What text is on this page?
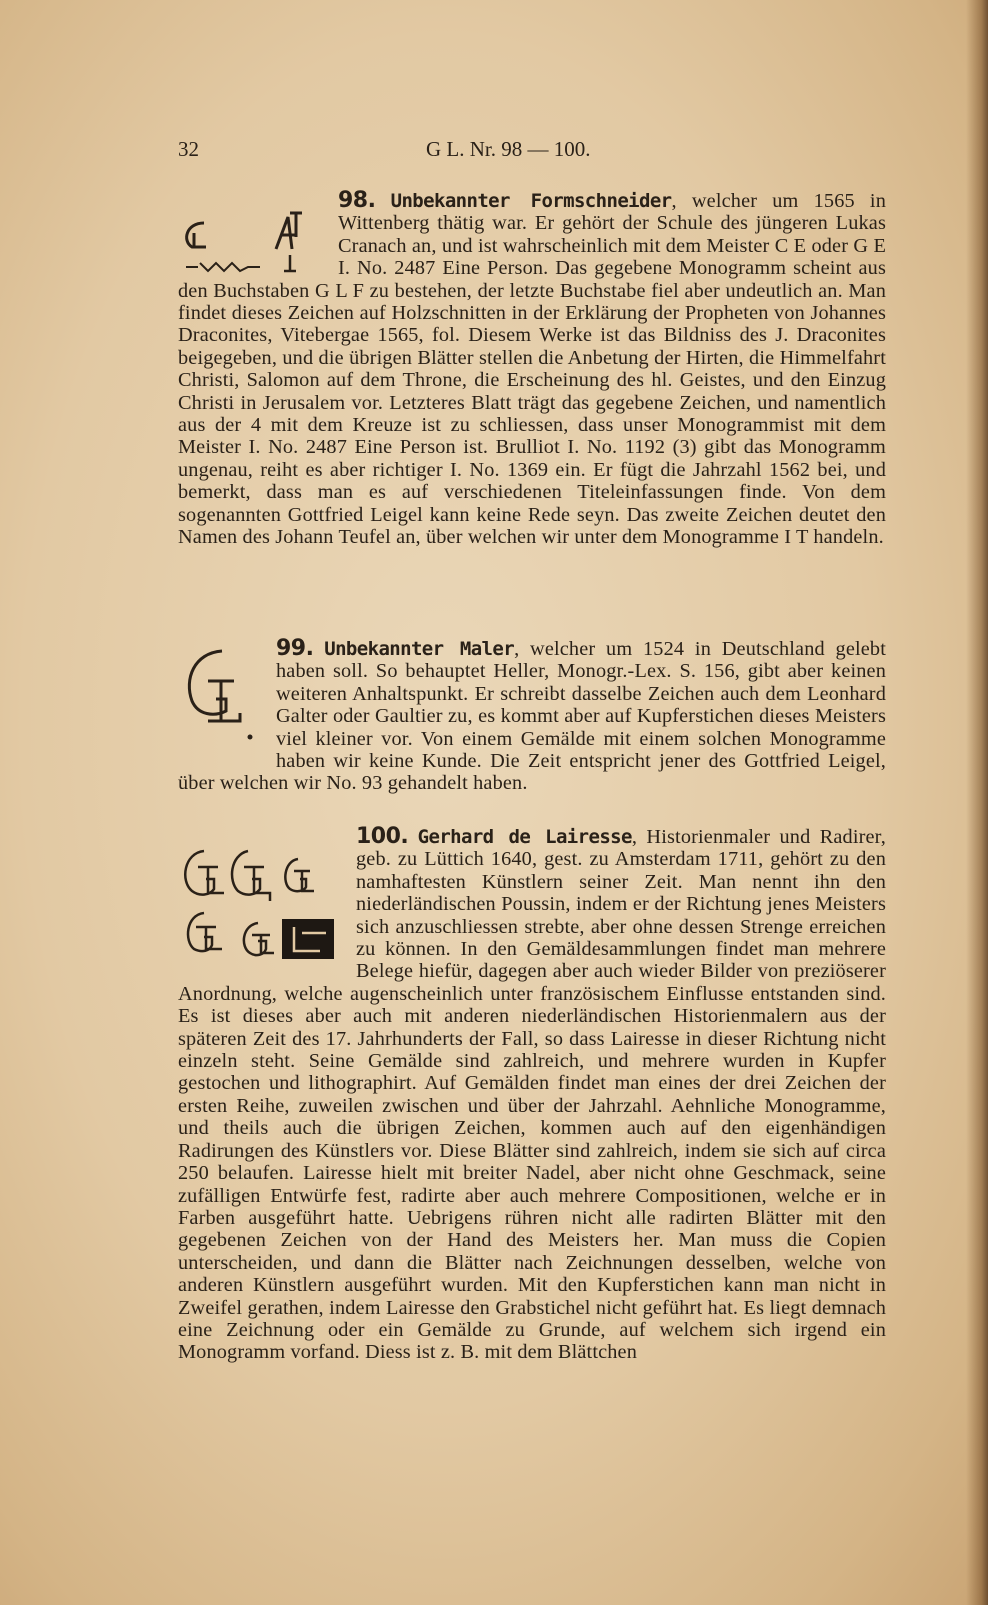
32	G L. Nr. 98 — 100.
98. Unbekannter Formschneider, welcher um 1565 in Wittenberg thätig war. Er gehört der Schule des jüngeren Lukas Cranach an, und ist wahrscheinlich mit dem Meister C E oder G E I. No. 2487 Eine Person. Das gegebene Monogramm scheint aus den Buchstaben G L F zu bestehen, der letzte Buchstabe fiel aber undeutlich an. Man findet dieses Zeichen auf Holzschnitten in der Erklärung der Propheten von Johannes Draconites, Vitebergae 1565, fol. Diesem Werke ist das Bildniss des J. Draconites beigegeben, und die übrigen Blätter stellen die Anbetung der Hirten, die Himmelfahrt Christi, Salomon auf dem Throne, die Erscheinung des hl. Geistes, und den Einzug Christi in Jerusalem vor. Letzteres Blatt trägt das gegebene Zeichen, und namentlich aus der 4 mit dem Kreuze ist zu schliessen, dass unser Monogrammist mit dem Meister I. No. 2487 Eine Person ist. Brulliot I. No. 1192 (3) gibt das Monogramm ungenau, reiht es aber richtiger I. No. 1369 ein. Er fügt die Jahrzahl 1562 bei, und bemerkt, dass man es auf verschiedenen Titeleinfassungen finde. Von dem sogenannten Gottfried Leigel kann keine Rede seyn. Das zweite Zeichen deutet den Namen des Johann Teufel an, über welchen wir unter dem Monogramme I T handeln.
99. Unbekannter Maler, welcher um 1524 in Deutschland gelebt haben soll. So behauptet Heller, Monogr.-Lex. S. 156, gibt aber keinen weiteren Anhaltspunkt. Er schreibt dasselbe Zeichen auch dem Leonhard Galter oder Gaultier zu, es kommt aber auf Kupferstichen dieses Meisters viel kleiner vor. Von einem Gemälde mit einem solchen Monogramme haben wir keine Kunde. Die Zeit entspricht jener des Gottfried Leigel, über welchen wir No. 93 gehandelt haben.
100. Gerhard de Lairesse, Historienmaler und Radirer, geb. zu Lüttich 1640, gest. zu Amsterdam 1711, gehört zu den namhaftesten Künstlern seiner Zeit. Man nennt ihn den niederländischen Poussin, indem er der Richtung jenes Meisters sich anzuschliessen strebte, aber ohne dessen Strenge erreichen zu können. In den Gemäldesammlungen findet man mehrere Belege hiefür, dagegen aber auch wieder Bilder von preziöserer Anordnung, welche augenscheinlich unter französischem Einflusse entstanden sind. Es ist dieses aber auch mit anderen niederländischen Historienmalern aus der späteren Zeit des 17. Jahrhunderts der Fall, so dass Lairesse in dieser Richtung nicht einzeln steht. Seine Gemälde sind zahlreich, und mehrere wurden in Kupfer gestochen und lithographirt. Auf Gemälden findet man eines der drei Zeichen der ersten Reihe, zuweilen zwischen und über der Jahrzahl. Aehnliche Monogramme, und theils auch die übrigen Zeichen, kommen auch auf den eigenhändigen Radirungen des Künstlers vor. Diese Blätter sind zahlreich, indem sie sich auf circa 250 belaufen. Lairesse hielt mit breiter Nadel, aber nicht ohne Geschmack, seine zufälligen Entwürfe fest, radirte aber auch mehrere Compositionen, welche er in Farben ausgeführt hatte. Uebrigens rühren nicht alle radirten Blätter mit den gegebenen Zeichen von der Hand des Meisters her. Man muss die Copien unterscheiden, und dann die Blätter nach Zeichnungen desselben, welche von anderen Künstlern ausgeführt wurden. Mit den Kupferstichen kann man nicht in Zweifel gerathen, indem Lairesse den Grabstichel nicht geführt hat. Es liegt demnach eine Zeichnung oder ein Gemälde zu Grunde, auf welchem sich irgend ein Monogramm vorfand. Diess ist z. B. mit dem Blättchen
